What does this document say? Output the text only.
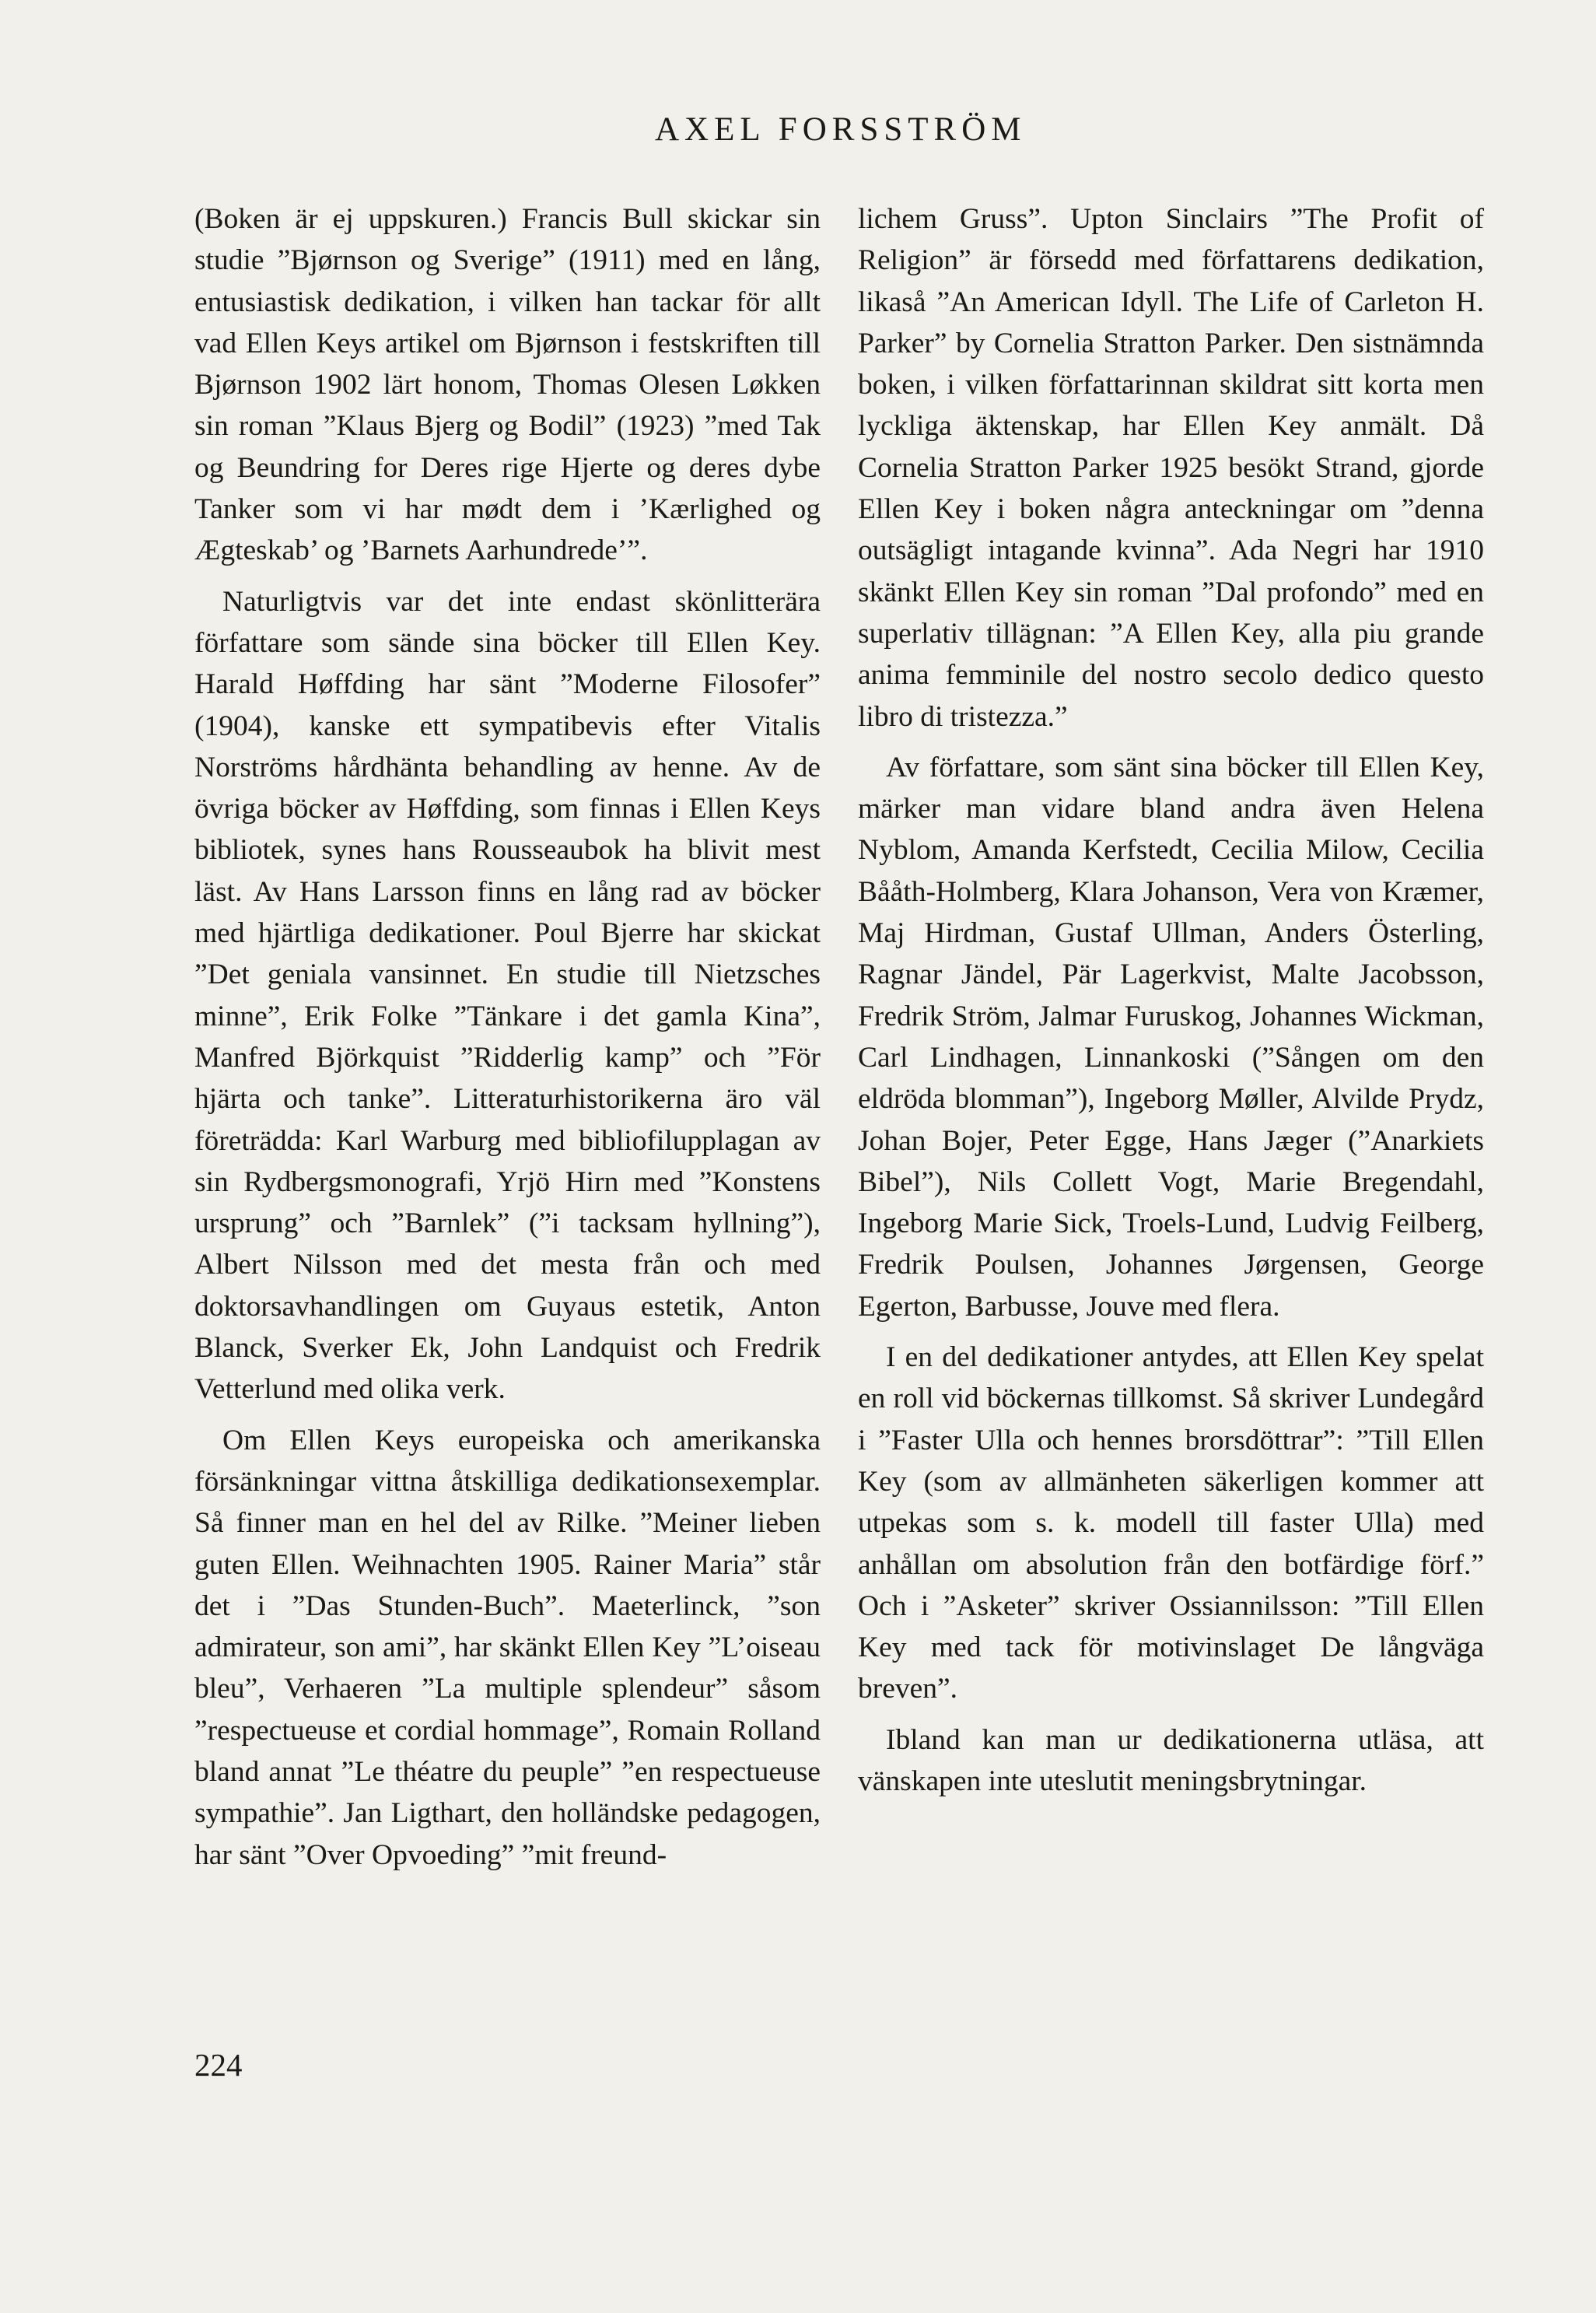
AXEL FORSSTRÖM

(Boken är ej uppskuren.) Francis Bull skickar sin studie ”Bjørnson og Sverige” (1911) med en lång, entusiastisk dedikation, i vilken han tackar för allt vad Ellen Keys artikel om Bjørnson i festskriften till Bjørnson 1902 lärt honom, Thomas Olesen Løkken sin roman ”Klaus Bjerg og Bodil” (1923) ”med Tak og Beundring for Deres rige Hjerte og deres dybe Tanker som vi har mødt dem i ’Kærlighed og Ægteskab’ og ’Barnets Aarhundrede’”.

Naturligtvis var det inte endast skönlitterära författare som sände sina böcker till Ellen Key. Harald Høffding har sänt ”Moderne Filosofer” (1904), kanske ett sympatibevis efter Vitalis Norströms hårdhänta behandling av henne. Av de övriga böcker av Høffding, som finnas i Ellen Keys bibliotek, synes hans Rousseaubok ha blivit mest läst. Av Hans Larsson finns en lång rad av böcker med hjärtliga dedikationer. Poul Bjerre har skickat ”Det geniala vansinnet. En studie till Nietzsches minne”, Erik Folke ”Tänkare i det gamla Kina”, Manfred Björkquist ”Ridderlig kamp” och ”För hjärta och tanke”. Litteraturhistorikerna äro väl företrädda: Karl Warburg med bibliofilupplagan av sin Rydbergsmonografi, Yrjö Hirn med ”Konstens ursprung” och ”Barnlek” (”i tacksam hyllning”), Albert Nilsson med det mesta från och med doktorsavhandlingen om Guyaus estetik, Anton Blanck, Sverker Ek, John Landquist och Fredrik Vetterlund med olika verk.

Om Ellen Keys europeiska och amerikanska försänkningar vittna åtskilliga dedikationsexemplar. Så finner man en hel del av Rilke. ”Meiner lieben guten Ellen. Weihnachten 1905. Rainer Maria” står det i ”Das Stunden-Buch”. Maeterlinck, ”son admirateur, son ami”, har skänkt Ellen Key ”L’oiseau bleu”, Verhaeren ”La multiple splendeur” såsom ”respectueuse et cordial hommage”, Romain Rolland bland annat ”Le théatre du peuple” ”en respectueuse sympathie”. Jan Ligthart, den holländske pedagogen, har sänt ”Over Opvoeding” ”mit freund-

lichem Gruss”. Upton Sinclairs ”The Profit of Religion” är försedd med författarens dedikation, likaså ”An American Idyll. The Life of Carleton H. Parker” by Cornelia Stratton Parker. Den sistnämnda boken, i vilken författarinnan skildrat sitt korta men lyckliga äktenskap, har Ellen Key anmält. Då Cornelia Stratton Parker 1925 besökt Strand, gjorde Ellen Key i boken några anteckningar om ”denna outsägligt intagande kvinna”. Ada Negri har 1910 skänkt Ellen Key sin roman ”Dal profondo” med en superlativ tillägnan: ”A Ellen Key, alla piu grande anima femminile del nostro secolo dedico questo libro di tristezza.”

Av författare, som sänt sina böcker till Ellen Key, märker man vidare bland andra även Helena Nyblom, Amanda Kerfstedt, Cecilia Milow, Cecilia Bååth-Holmberg, Klara Johanson, Vera von Kræmer, Maj Hirdman, Gustaf Ullman, Anders Österling, Ragnar Jändel, Pär Lagerkvist, Malte Jacobsson, Fredrik Ström, Jalmar Furuskog, Johannes Wickman, Carl Lindhagen, Linnankoski (”Sången om den eldröda blomman”), Ingeborg Møller, Alvilde Prydz, Johan Bojer, Peter Egge, Hans Jæger (”Anarkiets Bibel”), Nils Collett Vogt, Marie Bregendahl, Ingeborg Marie Sick, Troels-Lund, Ludvig Feilberg, Fredrik Poulsen, Johannes Jørgensen, George Egerton, Barbusse, Jouve med flera.

I en del dedikationer antydes, att Ellen Key spelat en roll vid böckernas tillkomst. Så skriver Lundegård i ”Faster Ulla och hennes brorsdöttrar”: ”Till Ellen Key (som av allmänheten säkerligen kommer att utpekas som s. k. modell till faster Ulla) med anhållan om absolution från den botfärdige förf.” Och i ”Asketer” skriver Ossiannilsson: ”Till Ellen Key med tack för motivinslaget De långväga breven”.

Ibland kan man ur dedikationerna utläsa, att vänskapen inte uteslutit meningsbrytningar.

224
